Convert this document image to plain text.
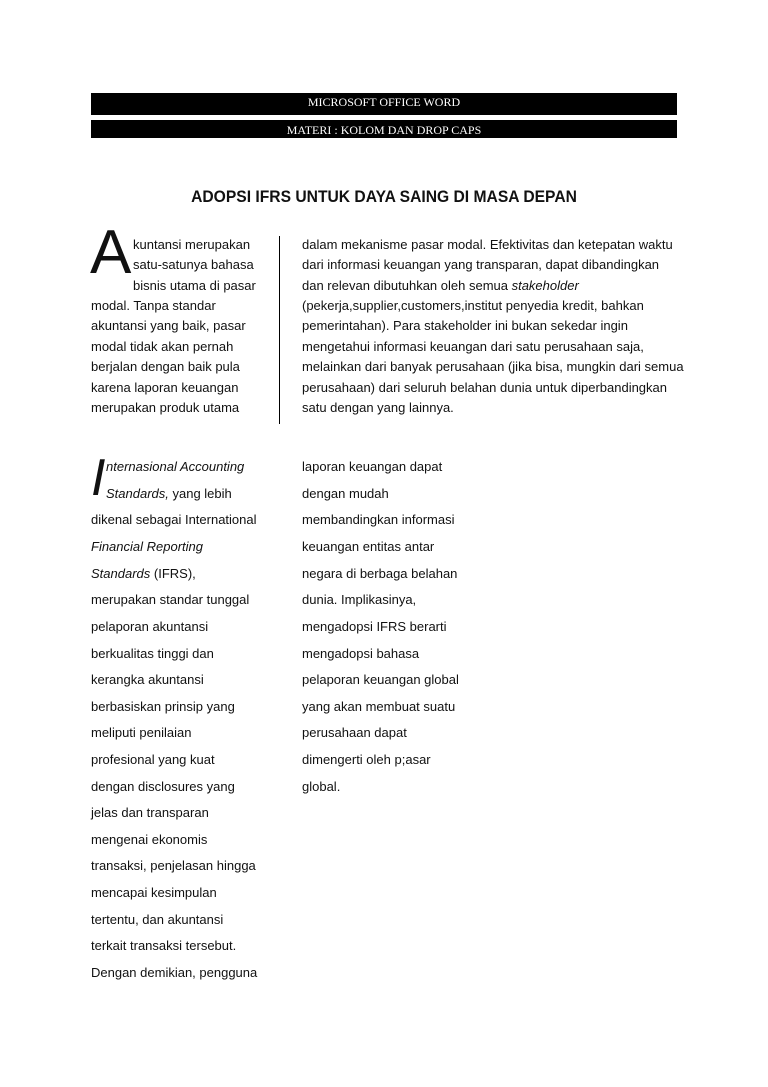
MICROSOFT OFFICE WORD
MATERI : KOLOM DAN DROP CAPS
ADOPSI IFRS UNTUK DAYA SAING DI MASA DEPAN
A kuntansi merupakan
satu-satunya bahasa
bisnis utama di pasar
modal. Tanpa standar
akuntansi yang baik, pasar
modal tidak akan pernah
berjalan dengan baik pula
karena laporan keuangan
merupakan produk utama
dalam mekanisme pasar modal. Efektivitas dan ketepatan waktu
dari informasi keuangan yang transparan, dapat dibandingkan
dan relevan dibutuhkan oleh semua stakeholder
(pekerja,supplier,customers,institut penyedia kredit, bahkan
pemerintahan). Para stakeholder ini bukan sekedar ingin
mengetahui informasi keuangan dari satu perusahaan saja,
melainkan dari banyak perusahaan (jika bisa, mungkin dari semua
perusahaan) dari seluruh belahan dunia untuk diperbandingkan
satu dengan yang lainnya.
I nternasional Accounting
Standards, yang lebih
dikenal sebagai International
Financial Reporting
Standards (IFRS),
merupakan standar tunggal
pelaporan akuntansi
berkualitas tinggi dan
kerangka akuntansi
berbasiskan prinsip yang
meliputi penilaian
profesional yang kuat
dengan disclosures yang
jelas dan transparan
mengenai ekonomis
transaksi, penjelasan hingga
mencapai kesimpulan
tertentu, dan akuntansi
terkait transaksi tersebut.
Dengan demikian, pengguna
laporan keuangan dapat
dengan mudah
membandingkan informasi
keuangan entitas antar
negara di berbaga belahan
dunia. Implikasinya,
mengadopsi IFRS berarti
mengadopsi bahasa
pelaporan keuangan global
yang akan membuat suatu
perusahaan dapat
dimengerti oleh p;asar
global.
